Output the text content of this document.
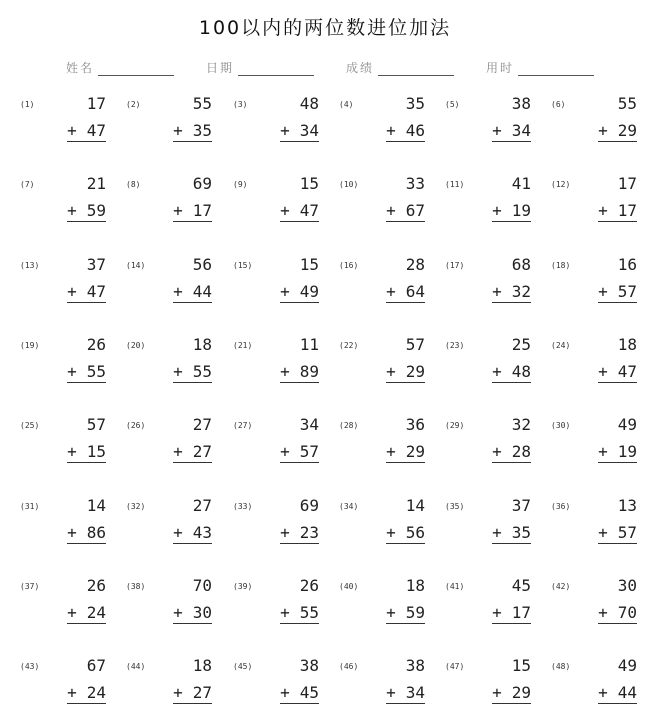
100以内的两位数进位加法
姓名	日期	成绩	用时
(1)	17
+ 47
(2)	55
+ 35
(3)	48
+ 34
(4)	35
+ 46
(5)	38
+ 34
(6)	55
+ 29
(7)	21
+ 59
(8)	69
+ 17
(9)	15
+ 47
(10)	33
+ 67
(11)	41
+ 19
(12)	17
+ 17
(13)	37
+ 47
(14)	56
+ 44
(15)	15
+ 49
(16)	28
+ 64
(17)	68
+ 32
(18)	16
+ 57
(19)	26
+ 55
(20)	18
+ 55
(21)	11
+ 89
(22)	57
+ 29
(23)	25
+ 48
(24)	18
+ 47
(25)	57
+ 15
(26)	27
+ 27
(27)	34
+ 57
(28)	36
+ 29
(29)	32
+ 28
(30)	49
+ 19
(31)	14
+ 86
(32)	27
+ 43
(33)	69
+ 23
(34)	14
+ 56
(35)	37
+ 35
(36)	13
+ 57
(37)	26
+ 24
(38)	70
+ 30
(39)	26
+ 55
(40)	18
+ 59
(41)	45
+ 17
(42)	30
+ 70
(43)	67
+ 24
(44)	18
+ 27
(45)	38
+ 45
(46)	38
+ 34
(47)	15
+ 29
(48)	49
+ 44
